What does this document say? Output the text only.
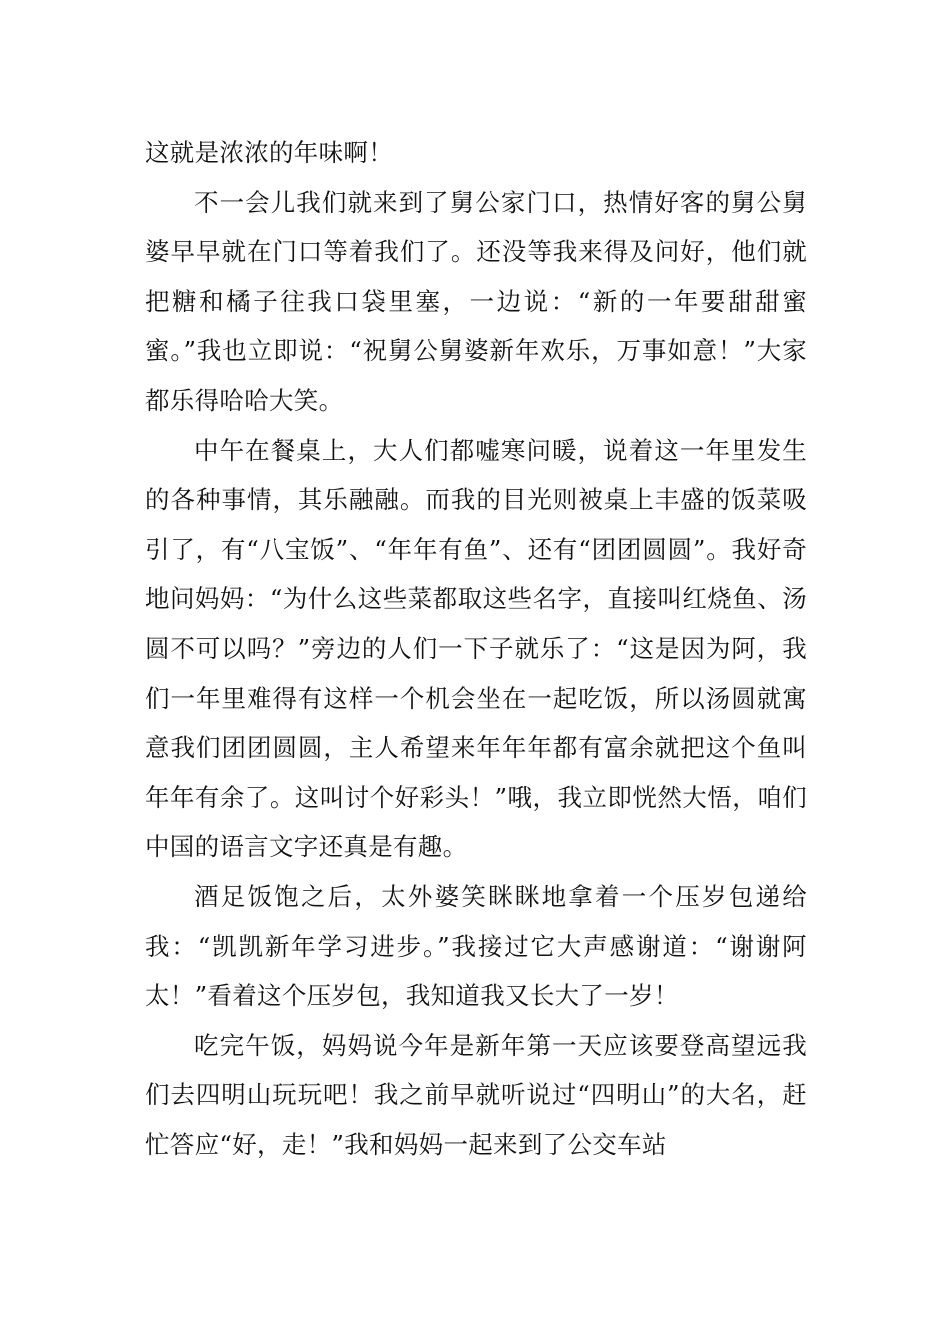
这就是浓浓的年味啊！

不一会儿我们就来到了舅公家门口，热情好客的舅公舅婆早早就在门口等着我们了。还没等我来得及问好，他们就把糖和橘子往我口袋里塞，一边说：“新的一年要甜甜蜜蜜。”我也立即说：“祝舅公舅婆新年欢乐，万事如意！”大家都乐得哈哈大笑。

中午在餐桌上，大人们都嘘寒问暖，说着这一年里发生的各种事情，其乐融融。而我的目光则被桌上丰盛的饭菜吸引了，有“八宝饭”、“年年有鱼”、还有“团团圆圆”。我好奇地问妈妈：“为什么这些菜都取这些名字，直接叫红烧鱼、汤圆不可以吗？”旁边的人们一下子就乐了：“这是因为阿，我们一年里难得有这样一个机会坐在一起吃饭，所以汤圆就寓意我们团团圆圆，主人希望来年年年都有富余就把这个鱼叫年年有余了。这叫讨个好彩头！”哦，我立即恍然大悟，咱们中国的语言文字还真是有趣。

酒足饭饱之后，太外婆笑眯眯地拿着一个压岁包递给我：“凯凯新年学习进步。”我接过它大声感谢道：“谢谢阿太！”看着这个压岁包，我知道我又长大了一岁！

吃完午饭，妈妈说今年是新年第一天应该要登高望远我们去四明山玩玩吧！我之前早就听说过“四明山”的大名，赶忙答应“好，走！”我和妈妈一起来到了公交车站
